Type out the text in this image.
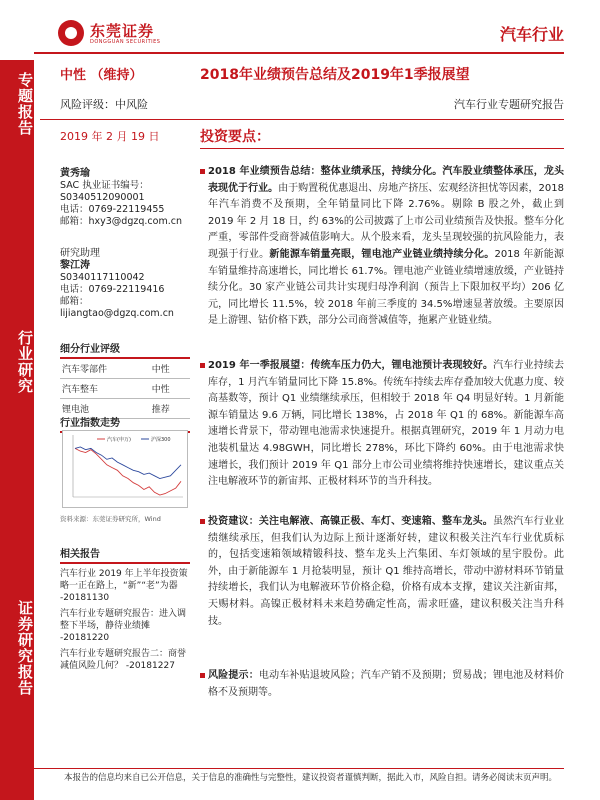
专题报告
行业研究
证券研究报告
东莞证券
DONGGUAN SECURITIES	汽车行业
中性 （维持）	2018年业绩预告总结及2019年1季报展望
风险评级：中风险	汽车行业专题研究报告
2019 年 2 月 19 日	投资要点：
黄秀瑜
SAC 执业证书编号：
S0340512090001
电话：0769-22119455
邮箱：hxy3@dgzq.com.cn
研究助理
黎江涛
S0340117110042
电话：0769-22119416
邮箱：
lijiangtao@dgzq.com.cn
细分行业评级
汽车零部件	中性
汽车整车	中性
锂电池	推荐
行业指数走势
汽车(申万)	沪深300
资料来源：东莞证券研究所，Wind
相关报告
汽车行业 2019 年上半年投资策略一正在路上，“新”“老”为器 -20181130
汽车行业专题研究报告：进入调整下半场，静待业绩摊 -20181220
汽车行业专题研究报告二：商誉减值风险几何？ -20181227

2018 年业绩预告总结：整体业绩承压，持续分化。汽车股业绩整体承压，龙头表现优于行业。由于购置税优惠退出、房地产挤压、宏观经济担忧等因素，2018 年汽车消费不及预期，全年销量同比下降 2.76%。剔除 B 股之外，截止到 2019 年 2 月 18 日，约 63%的公司披露了上市公司业绩预告及快报。整车分化严重，零部件受商誉减值影响大。从个股来看，龙头呈现较强的抗风险能力，表现强于行业。新能源车销量亮眼，锂电池产业链业绩持续分化。2018 年新能源车销量维持高速增长，同比增长 61.7%。锂电池产业链业绩增速放缓，产业链持续分化。30 家产业链公司共计实现归母净利润（预告上下限加权平均）206 亿元，同比增长 11.5%，较 2018 年前三季度的 34.5%增速显著放缓。主要原因是上游锂、钴价格下跌，部分公司商誉减值等，拖累产业链业绩。

2019 年一季报展望：传统车压力仍大，锂电池预计表现较好。汽车行业持续去库存，1 月汽车销量同比下降 15.8%。传统车持续去库存叠加较大优惠力度、较高基数等，预计 Q1 业绩继续承压，但相较于 2018 年 Q4 明显好转。1 月新能源车销量达 9.6 万辆，同比增长 138%，占 2018 年 Q1 的 68%。新能源车高速增长背景下，带动锂电池需求快速提升。根据真锂研究，2019 年 1 月动力电池装机量达 4.98GWH，同比增长 278%，环比下降约 60%。由于电池需求快速增长，我们预计 2019 年 Q1 部分上市公司业绩将维持快速增长，建议重点关注电解液环节的新宙邦、正极材料环节的当升科技。

投资建议：关注电解液、高镍正极、车灯、变速箱、整车龙头。虽然汽车行业业绩继续承压，但我们认为边际上预计逐渐好转，建议积极关注汽车行业优质标的，包括变速箱领域精锻科技、整车龙头上汽集团、车灯领域的星宇股份。此外，由于新能源车 1 月抢装明显，预计 Q1 维持高增长，带动中游材料环节销量持续增长，我们认为电解液环节价格企稳，价格有成本支撑，建议关注新宙邦，天赐材料。高镍正极材料未来趋势确定性高，需求旺盛，建议积极关注当升科技。

风险提示：电动车补贴退坡风险；汽车产销不及预期；贸易战；锂电池及材料价格不及预期等。

本报告的信息均来自已公开信息，关于信息的准确性与完整性，建议投资者谨慎判断，据此入市，风险自担。请务必阅读末页声明。
